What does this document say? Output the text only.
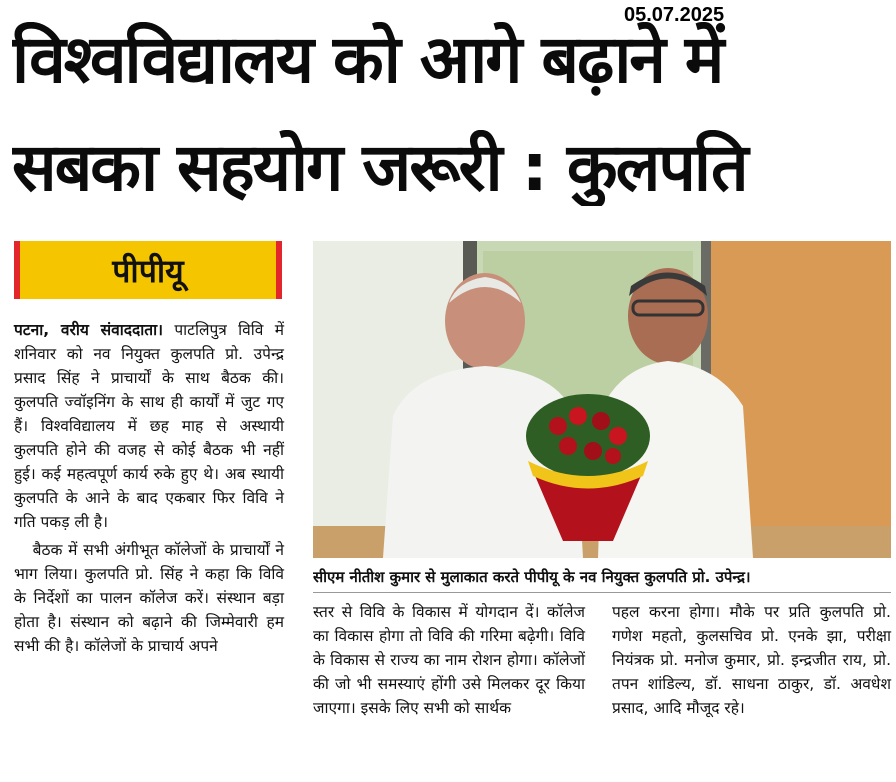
05.07.2025
विश्वविद्यालय को आगे बढ़ाने में
सबका सहयोग जरूरी : कुलपति
पीपीयू

पटना, वरीय संवाददाता। पाटलिपुत्र विवि में शनिवार को नव नियुक्त कुलपति प्रो. उपेन्द्र प्रसाद सिंह ने प्राचार्यों के साथ बैठक की। कुलपति ज्वॉइनिंग के साथ ही कार्यों में जुट गए हैं। विश्वविद्यालय में छह माह से अस्थायी कुलपति होने की वजह से कोई बैठक भी नहीं हुई। कई महत्वपूर्ण कार्य रुके हुए थे। अब स्थायी कुलपति के आने के बाद एकबार फिर विवि ने गति पकड़ ली है।

बैठक में सभी अंगीभूत कॉलेजों के प्राचार्यों ने भाग लिया। कुलपति प्रो. सिंह ने कहा कि विवि के निर्देशों का पालन कॉलेज करें। संस्थान बड़ा होता है। संस्थान को बढ़ाने की जिम्मेवारी हम सभी की है। कॉलेजों के प्राचार्य अपने

सीएम नीतीश कुमार से मुलाकात करते पीपीयू के नव नियुक्त कुलपति प्रो. उपेन्द्र।

स्तर से विवि के विकास में योगदान दें। कॉलेज का विकास होगा तो विवि की गरिमा बढ़ेगी। विवि के विकास से राज्य का नाम रोशन होगा। कॉलेजों की जो भी समस्याएं होंगी उसे मिलकर दूर किया जाएगा। इसके लिए सभी को सार्थक

पहल करना होगा। मौके पर प्रति कुलपति प्रो. गणेश महतो, कुलसचिव प्रो. एनके झा, परीक्षा नियंत्रक प्रो. मनोज कुमार, प्रो. इन्द्रजीत राय, प्रो. तपन शांडिल्य, डॉ. साधना ठाकुर, डॉ. अवधेश प्रसाद, आदि मौजूद रहे।
